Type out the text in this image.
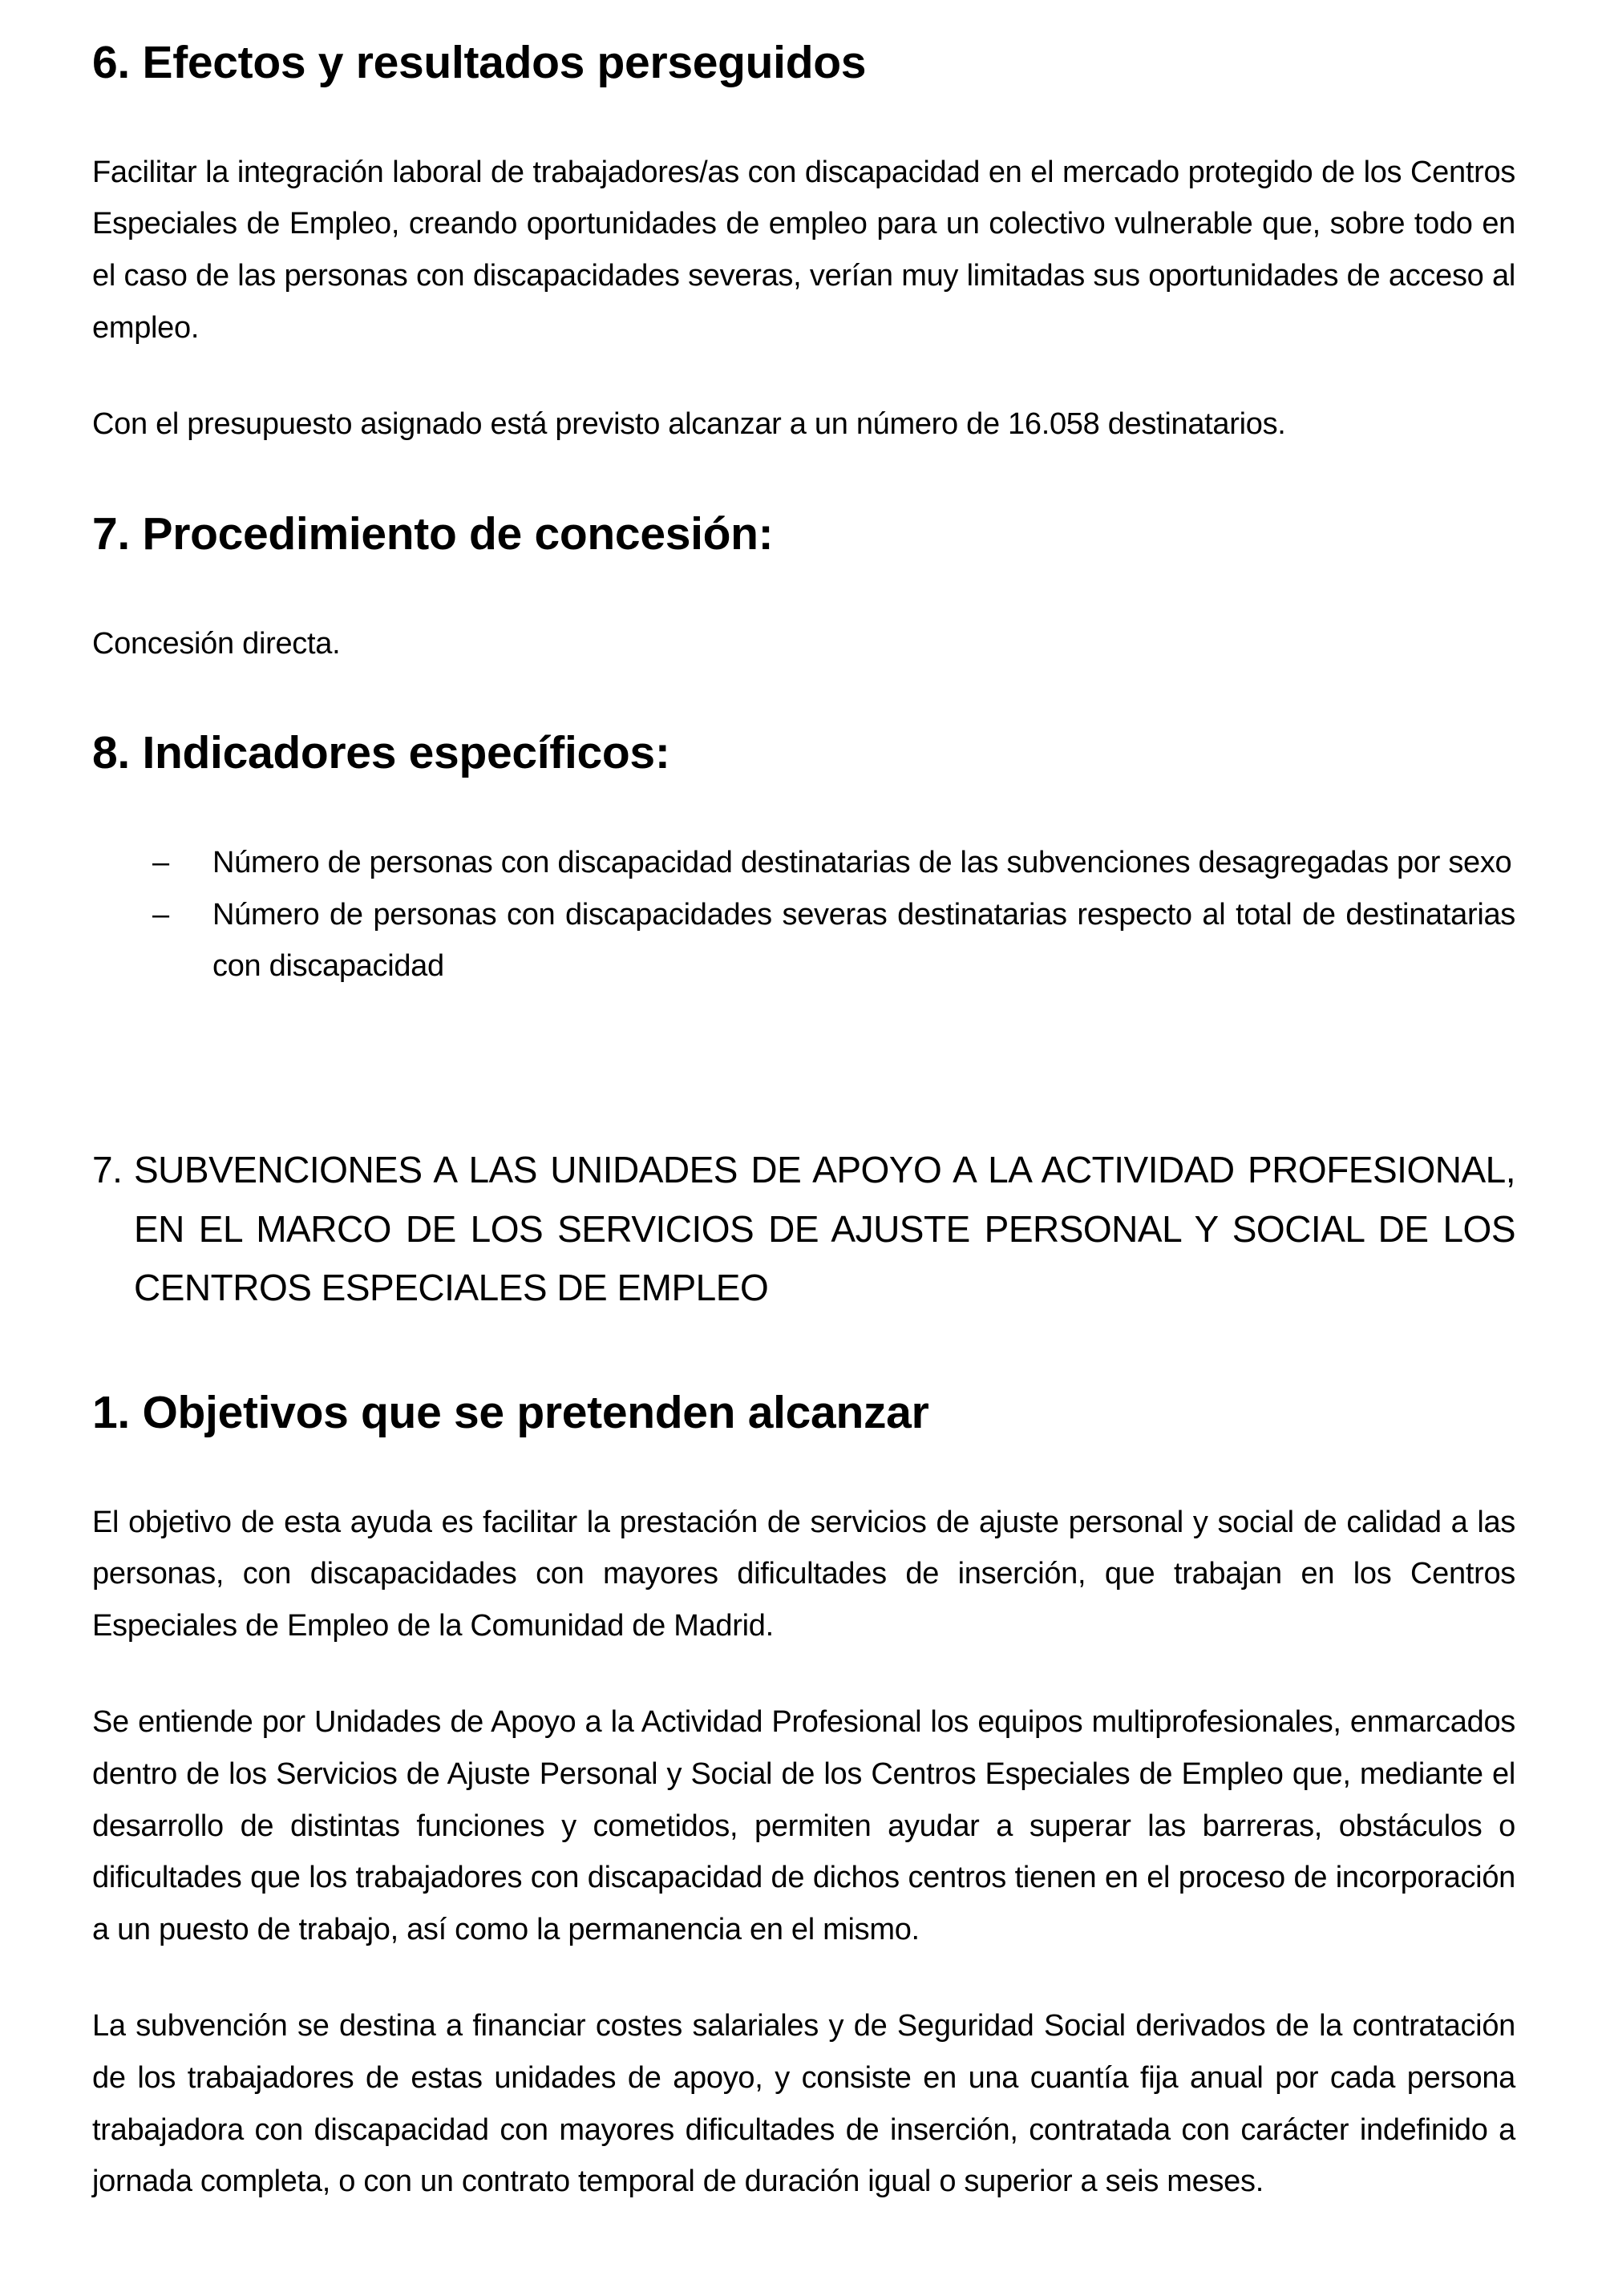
6. Efectos y resultados perseguidos

Facilitar la integración laboral de trabajadores/as con discapacidad en el mercado protegido de los Centros Especiales de Empleo, creando oportunidades de empleo para un colectivo vulnerable que, sobre todo en el caso de las personas con discapacidades severas, verían muy limitadas sus oportunidades de acceso al empleo.

Con el presupuesto asignado está previsto alcanzar a un número de 16.058 destinatarios.

7. Procedimiento de concesión:

Concesión directa.

8. Indicadores específicos:
–	Número de personas con discapacidad destinatarias de las subvenciones desagregadas por sexo
–	Número de personas con discapacidades severas destinatarias respecto al total de destinatarias con discapacidad
7. SUBVENCIONES A LAS UNIDADES DE APOYO A LA ACTIVIDAD PROFESIONAL, EN EL MARCO DE LOS SERVICIOS DE AJUSTE PERSONAL Y SOCIAL DE LOS CENTROS ESPECIALES DE EMPLEO
1. Objetivos que se pretenden alcanzar

El objetivo de esta ayuda es facilitar la prestación de servicios de ajuste personal y social de calidad a las personas, con discapacidades con mayores dificultades de inserción, que trabajan en los Centros Especiales de Empleo de la Comunidad de Madrid.

Se entiende por Unidades de Apoyo a la Actividad Profesional los equipos multiprofesionales, enmarcados dentro de los Servicios de Ajuste Personal y Social de los Centros Especiales de Empleo que, mediante el desarrollo de distintas funciones y cometidos, permiten ayudar a superar las barreras, obstáculos o dificultades que los trabajadores con discapacidad de dichos centros tienen en el proceso de incorporación a un puesto de trabajo, así como la permanencia en el mismo.

La subvención se destina a financiar costes salariales y de Seguridad Social derivados de la contratación de los trabajadores de estas unidades de apoyo, y consiste en una cuantía fija anual por cada persona trabajadora con discapacidad con mayores dificultades de inserción, contratada con carácter indefinido a jornada completa, o con un contrato temporal de duración igual o superior a seis meses.
